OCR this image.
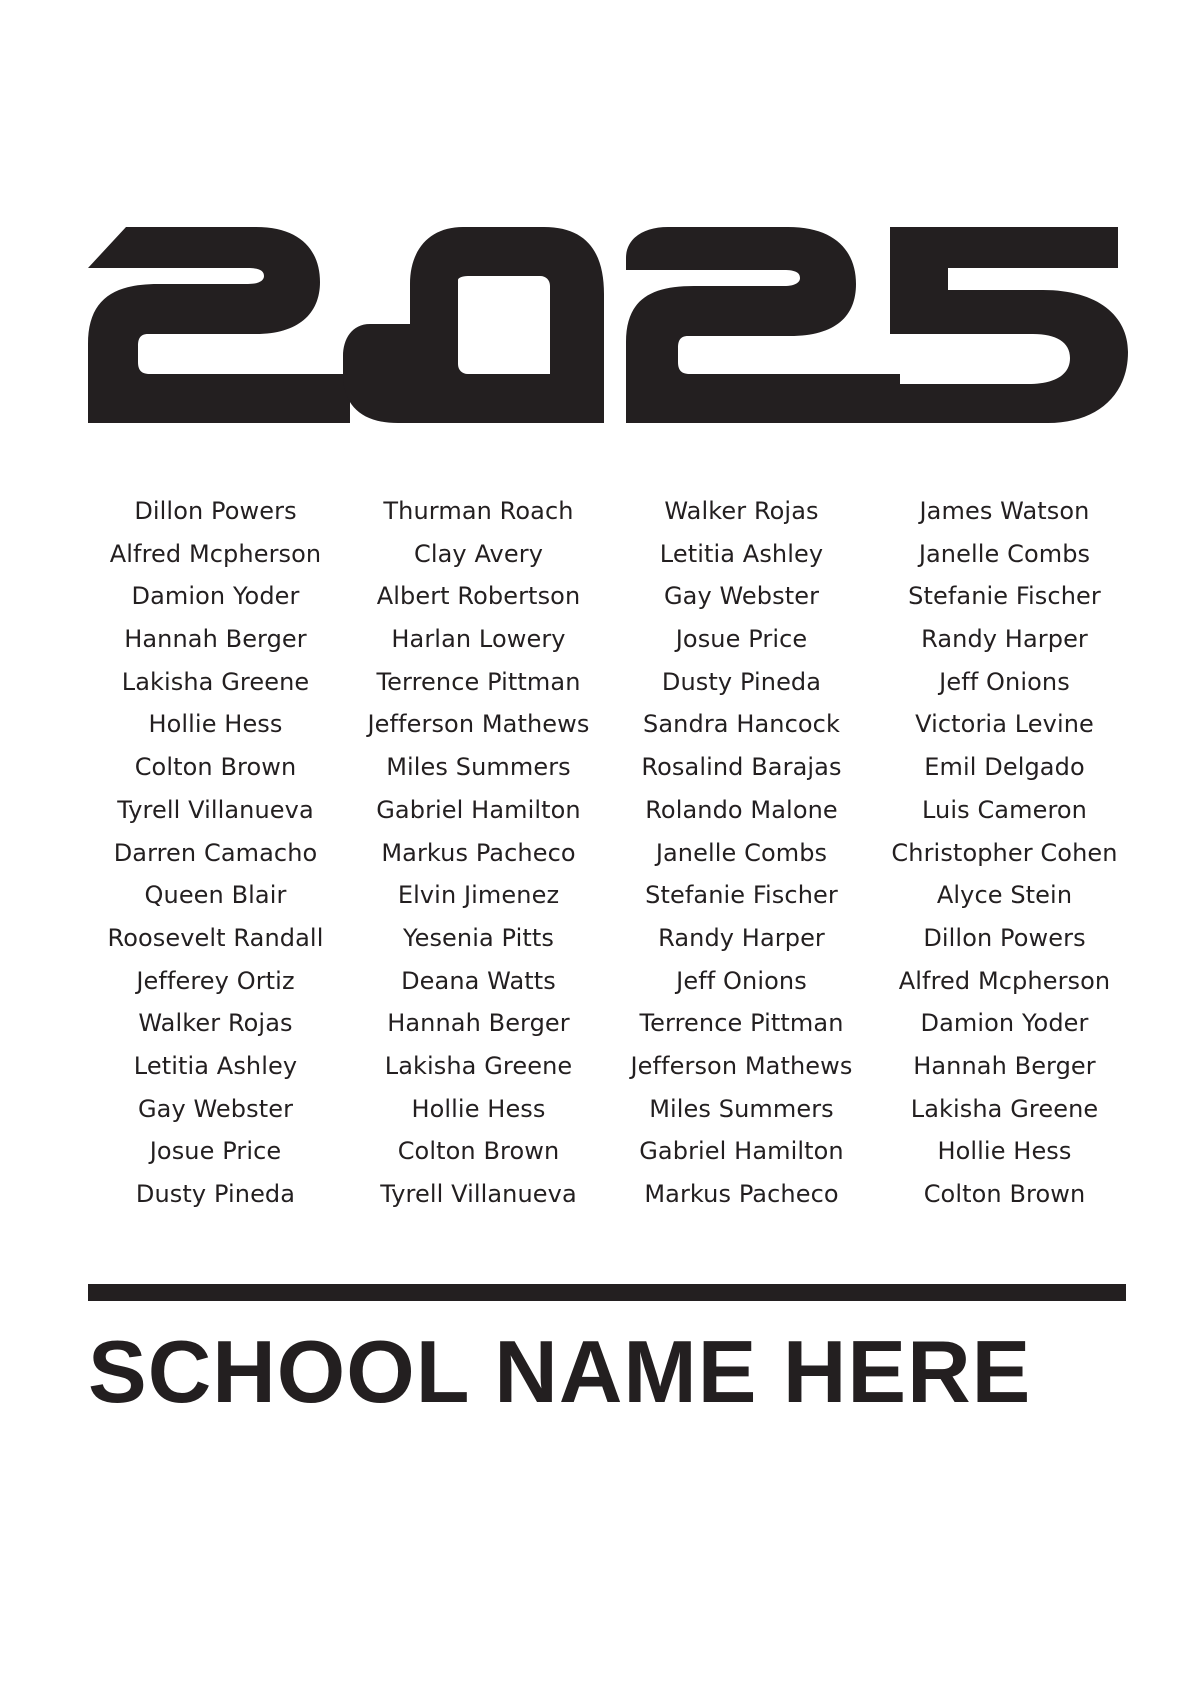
Dillon Powers
Alfred Mcpherson
Damion Yoder
Hannah Berger
Lakisha Greene
Hollie Hess
Colton Brown
Tyrell Villanueva
Darren Camacho
Queen Blair
Roosevelt Randall
Jefferey Ortiz
Walker Rojas
Letitia Ashley
Gay Webster
Josue Price
Dusty Pineda
Thurman Roach
Clay Avery
Albert Robertson
Harlan Lowery
Terrence Pittman
Jefferson Mathews
Miles Summers
Gabriel Hamilton
Markus Pacheco
Elvin Jimenez
Yesenia Pitts
Deana Watts
Hannah Berger
Lakisha Greene
Hollie Hess
Colton Brown
Tyrell Villanueva
Walker Rojas
Letitia Ashley
Gay Webster
Josue Price
Dusty Pineda
Sandra Hancock
Rosalind Barajas
Rolando Malone
Janelle Combs
Stefanie Fischer
Randy Harper
Jeff Onions
Terrence Pittman
Jefferson Mathews
Miles Summers
Gabriel Hamilton
Markus Pacheco
James Watson
Janelle Combs
Stefanie Fischer
Randy Harper
Jeff Onions
Victoria Levine
Emil Delgado
Luis Cameron
Christopher Cohen
Alyce Stein
Dillon Powers
Alfred Mcpherson
Damion Yoder
Hannah Berger
Lakisha Greene
Hollie Hess
Colton Brown
SCHOOL NAME HERE
